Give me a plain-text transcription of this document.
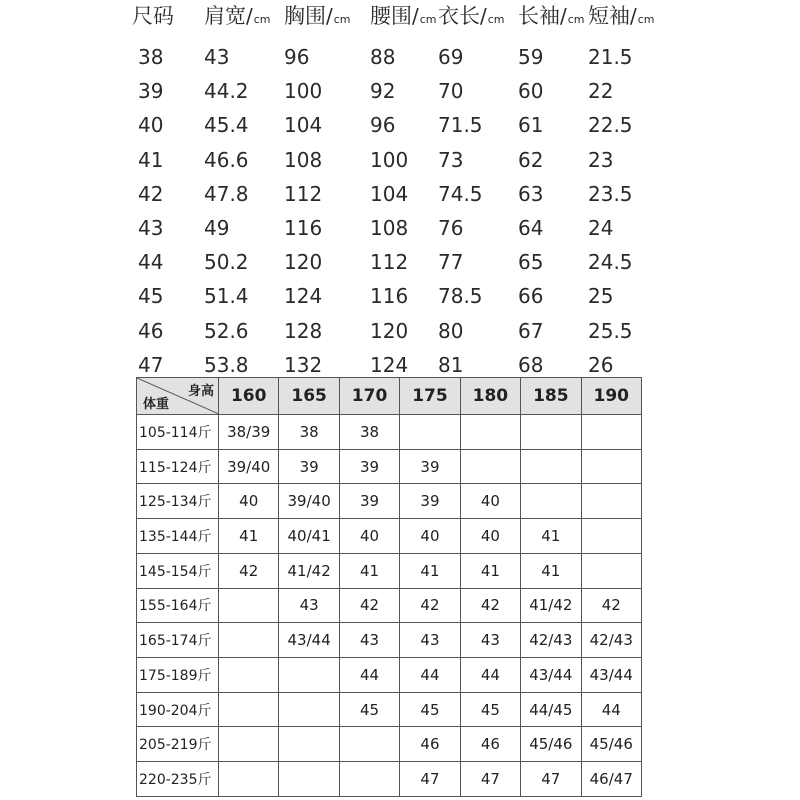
尺码 肩宽/cm 胸围/cm 腰围/cm 衣长/cm 长袖/cm 短袖/cm
38 43	96	88 69	59 21.5
39 44.2 100 92 70	60 22
40 45.4 104 96 71.5 61 22.5
41 46.6 108 100 73	62 23
42 47.8 112 104 74.5 63 23.5
43 49	116 108 76	64 24
44 50.2 120 112 77	65 24.5
45 51.4 124 116 78.5 66 25
46 52.6 128 120 80	67 25.5
47 53.8 132 124 81	68 26
身高
体重	160	165	170	175	180	185	190
105-114斤	38/39	38	38				
115-124斤	39/40	39	39	39			
125-134斤	40	39/40	39	39	40		
135-144斤	41	40/41	40	40	40	41	
145-154斤	42	41/42	41	41	41	41	
155-164斤		43	42	42	42	41/42	42
165-174斤		43/44	43	43	43	42/43	42/43
175-189斤			44	44	44	43/44	43/44
190-204斤			45	45	45	44/45	44
205-219斤				46	46	45/46	45/46
220-235斤				47	47	47	46/47
